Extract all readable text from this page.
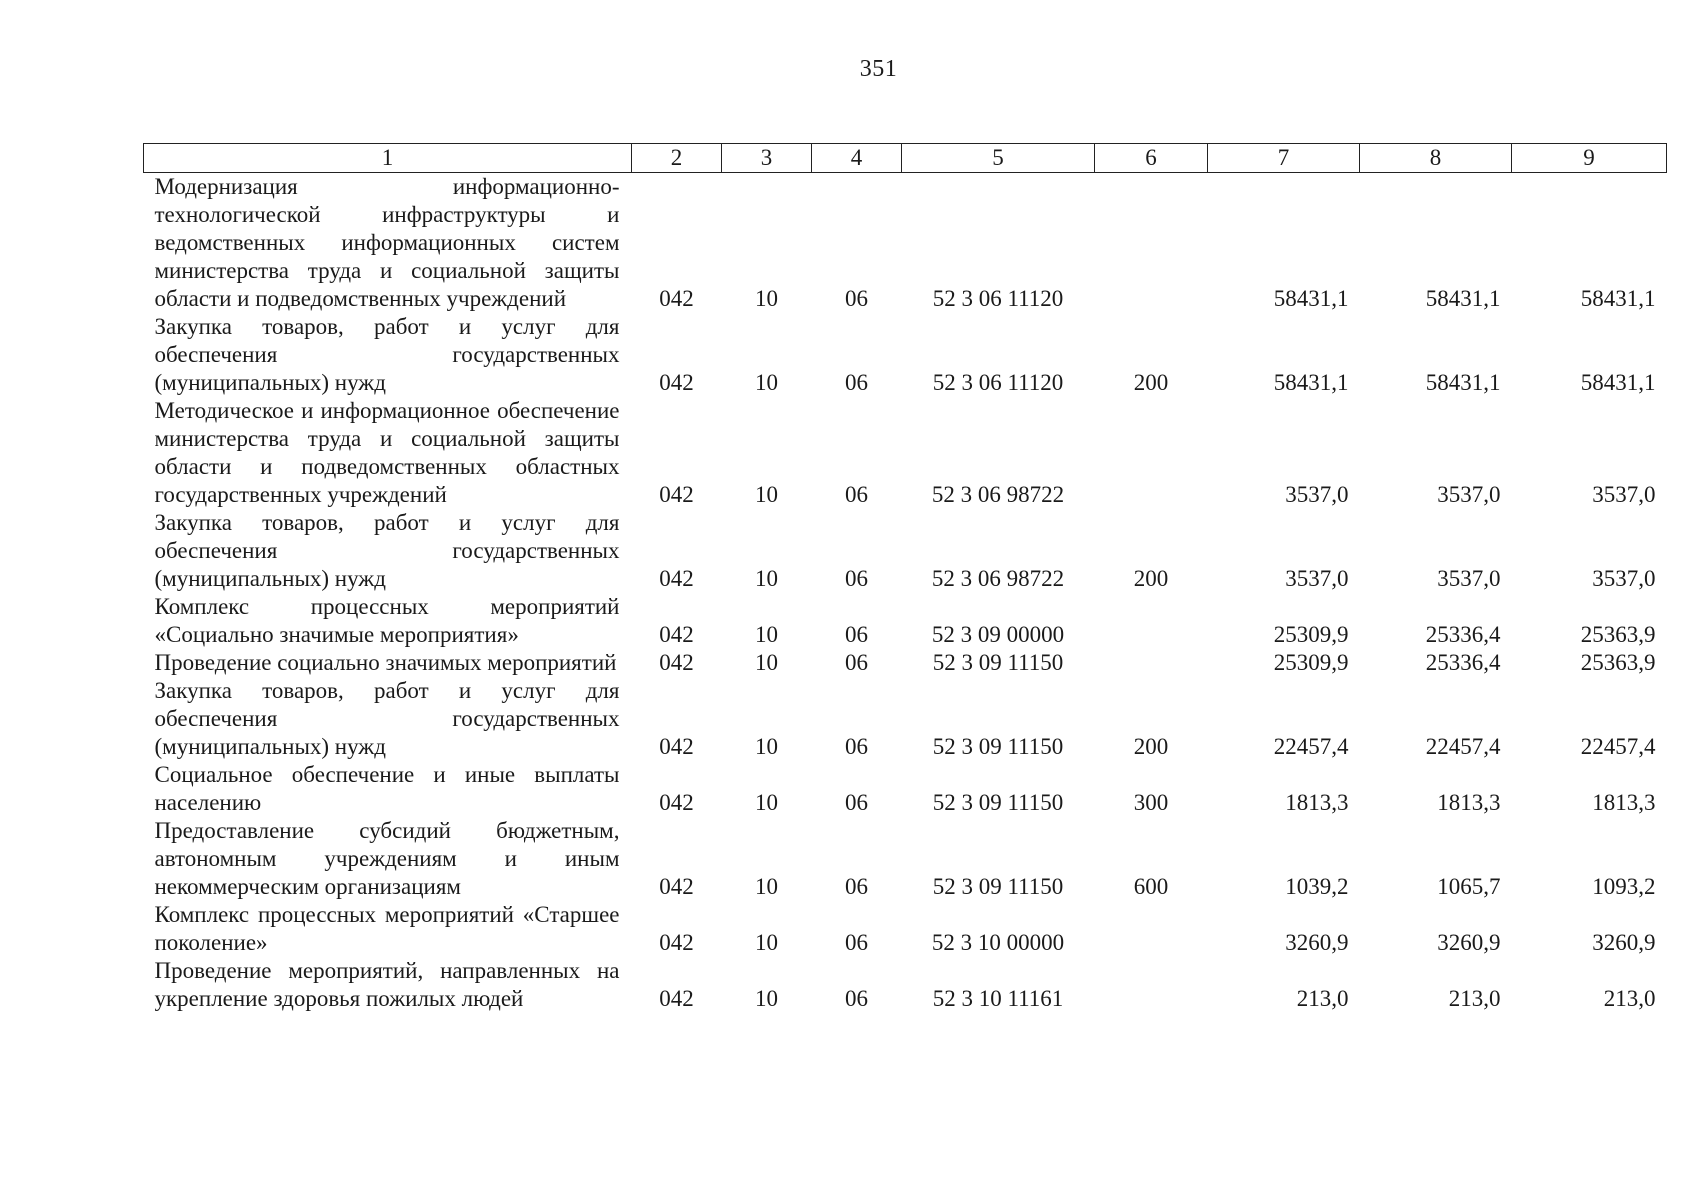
351
1	2	3	4	5	6	7	8	9
Модернизация информационно-технологической инфраструктуры и ведомственных информационных систем министерства труда и социальной защиты области и подведомственных учреждений	042	10	06	52 3 06 11120		58431,1	58431,1	58431,1
Закупка товаров, работ и услуг для обеспечения государственных (муниципальных) нужд	042	10	06	52 3 06 11120	200	58431,1	58431,1	58431,1
Методическое и информационное обеспечение министерства труда и социальной защиты области и подведомственных областных государственных учреждений	042	10	06	52 3 06 98722		3537,0	3537,0	3537,0
Закупка товаров, работ и услуг для обеспечения государственных (муниципальных) нужд	042	10	06	52 3 06 98722	200	3537,0	3537,0	3537,0
Комплекс процессных мероприятий «Социально значимые мероприятия»	042	10	06	52 3 09 00000		25309,9	25336,4	25363,9
Проведение социально значимых мероприятий	042	10	06	52 3 09 11150		25309,9	25336,4	25363,9
Закупка товаров, работ и услуг для обеспечения государственных (муниципальных) нужд	042	10	06	52 3 09 11150	200	22457,4	22457,4	22457,4
Социальное обеспечение и иные выплаты населению	042	10	06	52 3 09 11150	300	1813,3	1813,3	1813,3
Предоставление субсидий бюджетным, автономным учреждениям и иным некоммерческим организациям	042	10	06	52 3 09 11150	600	1039,2	1065,7	1093,2
Комплекс процессных мероприятий «Старшее поколение»	042	10	06	52 3 10 00000		3260,9	3260,9	3260,9
Проведение мероприятий, направленных на укрепление здоровья пожилых людей	042	10	06	52 3 10 11161		213,0	213,0	213,0
